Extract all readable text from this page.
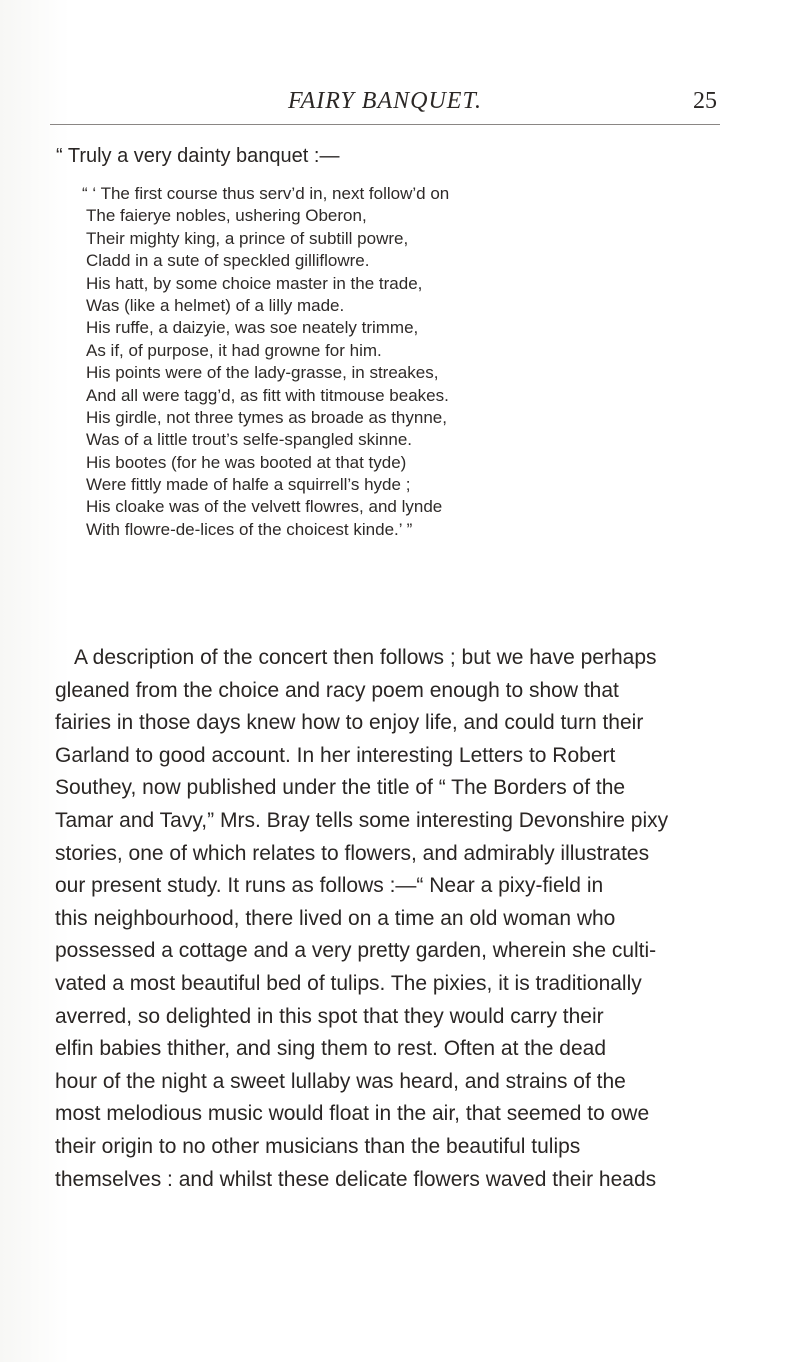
FAIRY BANQUET.	25
“ Truly a very dainty banquet :—
“ ‘ The first course thus serv’d in, next follow’d on
The faierye nobles, ushering Oberon,
Their mighty king, a prince of subtill powre,
Cladd in a sute of speckled gilliflowre.
His hatt, by some choice master in the trade,
Was (like a helmet) of a lilly made.
His ruffe, a daizyie, was soe neately trimme,
As if, of purpose, it had growne for him.
His points were of the lady-grasse, in streakes,
And all were tagg’d, as fitt with titmouse beakes.
His girdle, not three tymes as broade as thynne,
Was of a little trout’s selfe-spangled skinne.
His bootes (for he was booted at that tyde)
Were fittly made of halfe a squirrell’s hyde ;
His cloake was of the velvett flowres, and lynde
With flowre-de-lices of the choicest kinde.’ ”
A description of the concert then follows ; but we have perhaps
gleaned from the choice and racy poem enough to show that
fairies in those days knew how to enjoy life, and could turn their
Garland to good account. In her interesting Letters to Robert
Southey, now published under the title of “ The Borders of the
Tamar and Tavy,” Mrs. Bray tells some interesting Devonshire pixy
stories, one of which relates to flowers, and admirably illustrates
our present study. It runs as follows :—“ Near a pixy-field in
this neighbourhood, there lived on a time an old woman who
possessed a cottage and a very pretty garden, wherein she culti-
vated a most beautiful bed of tulips. The pixies, it is traditionally
averred, so delighted in this spot that they would carry their
elfin babies thither, and sing them to rest. Often at the dead
hour of the night a sweet lullaby was heard, and strains of the
most melodious music would float in the air, that seemed to owe
their origin to no other musicians than the beautiful tulips
themselves : and whilst these delicate flowers waved their heads
